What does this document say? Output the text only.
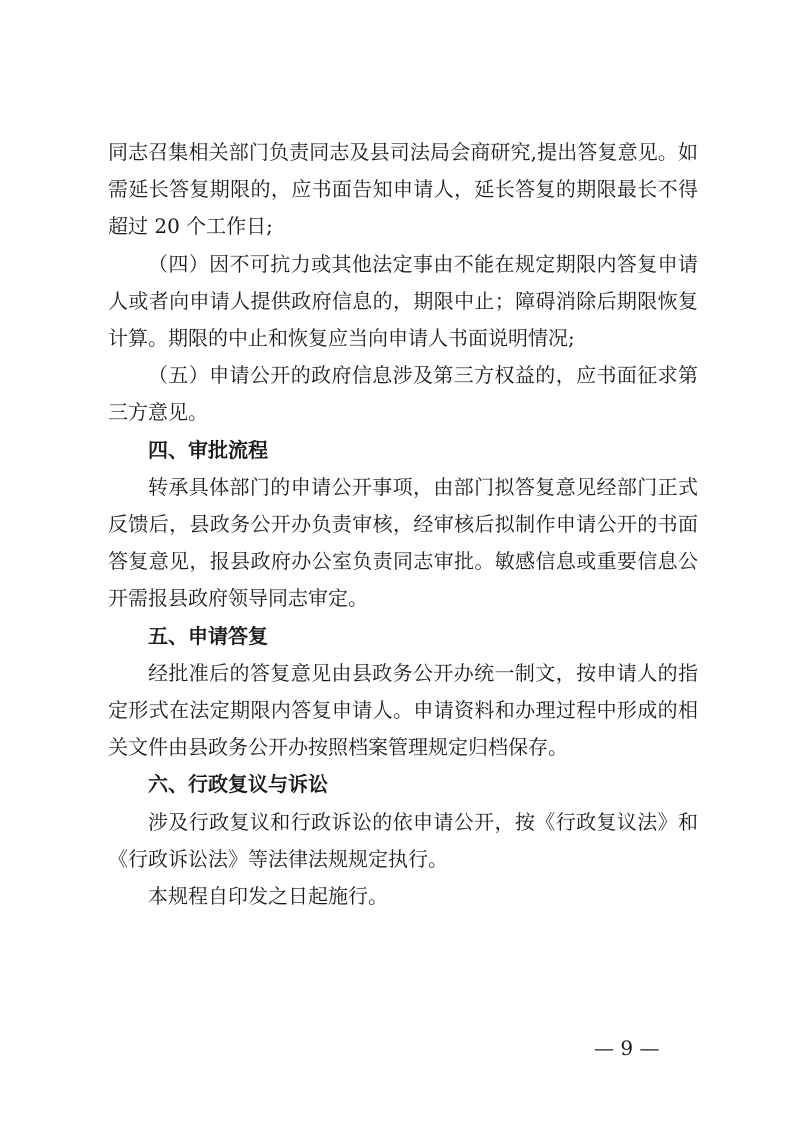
同志召集相关部门负责同志及县司法局会商研究,提出答复意见。如需延长答复期限的，应书面告知申请人，延长答复的期限最长不得超过 20 个工作日;

（四）因不可抗力或其他法定事由不能在规定期限内答复申请人或者向申请人提供政府信息的，期限中止；障碍消除后期限恢复计算。期限的中止和恢复应当向申请人书面说明情况;

（五）申请公开的政府信息涉及第三方权益的，应书面征求第三方意见。

四、审批流程

转承具体部门的申请公开事项，由部门拟答复意见经部门正式反馈后，县政务公开办负责审核，经审核后拟制作申请公开的书面答复意见，报县政府办公室负责同志审批。敏感信息或重要信息公开需报县政府领导同志审定。

五、申请答复

经批准后的答复意见由县政务公开办统一制文，按申请人的指定形式在法定期限内答复申请人。申请资料和办理过程中形成的相关文件由县政务公开办按照档案管理规定归档保存。

六、行政复议与诉讼

涉及行政复议和行政诉讼的依申请公开，按《行政复议法》和《行政诉讼法》等法律法规规定执行。

本规程自印发之日起施行。

— 9 —
